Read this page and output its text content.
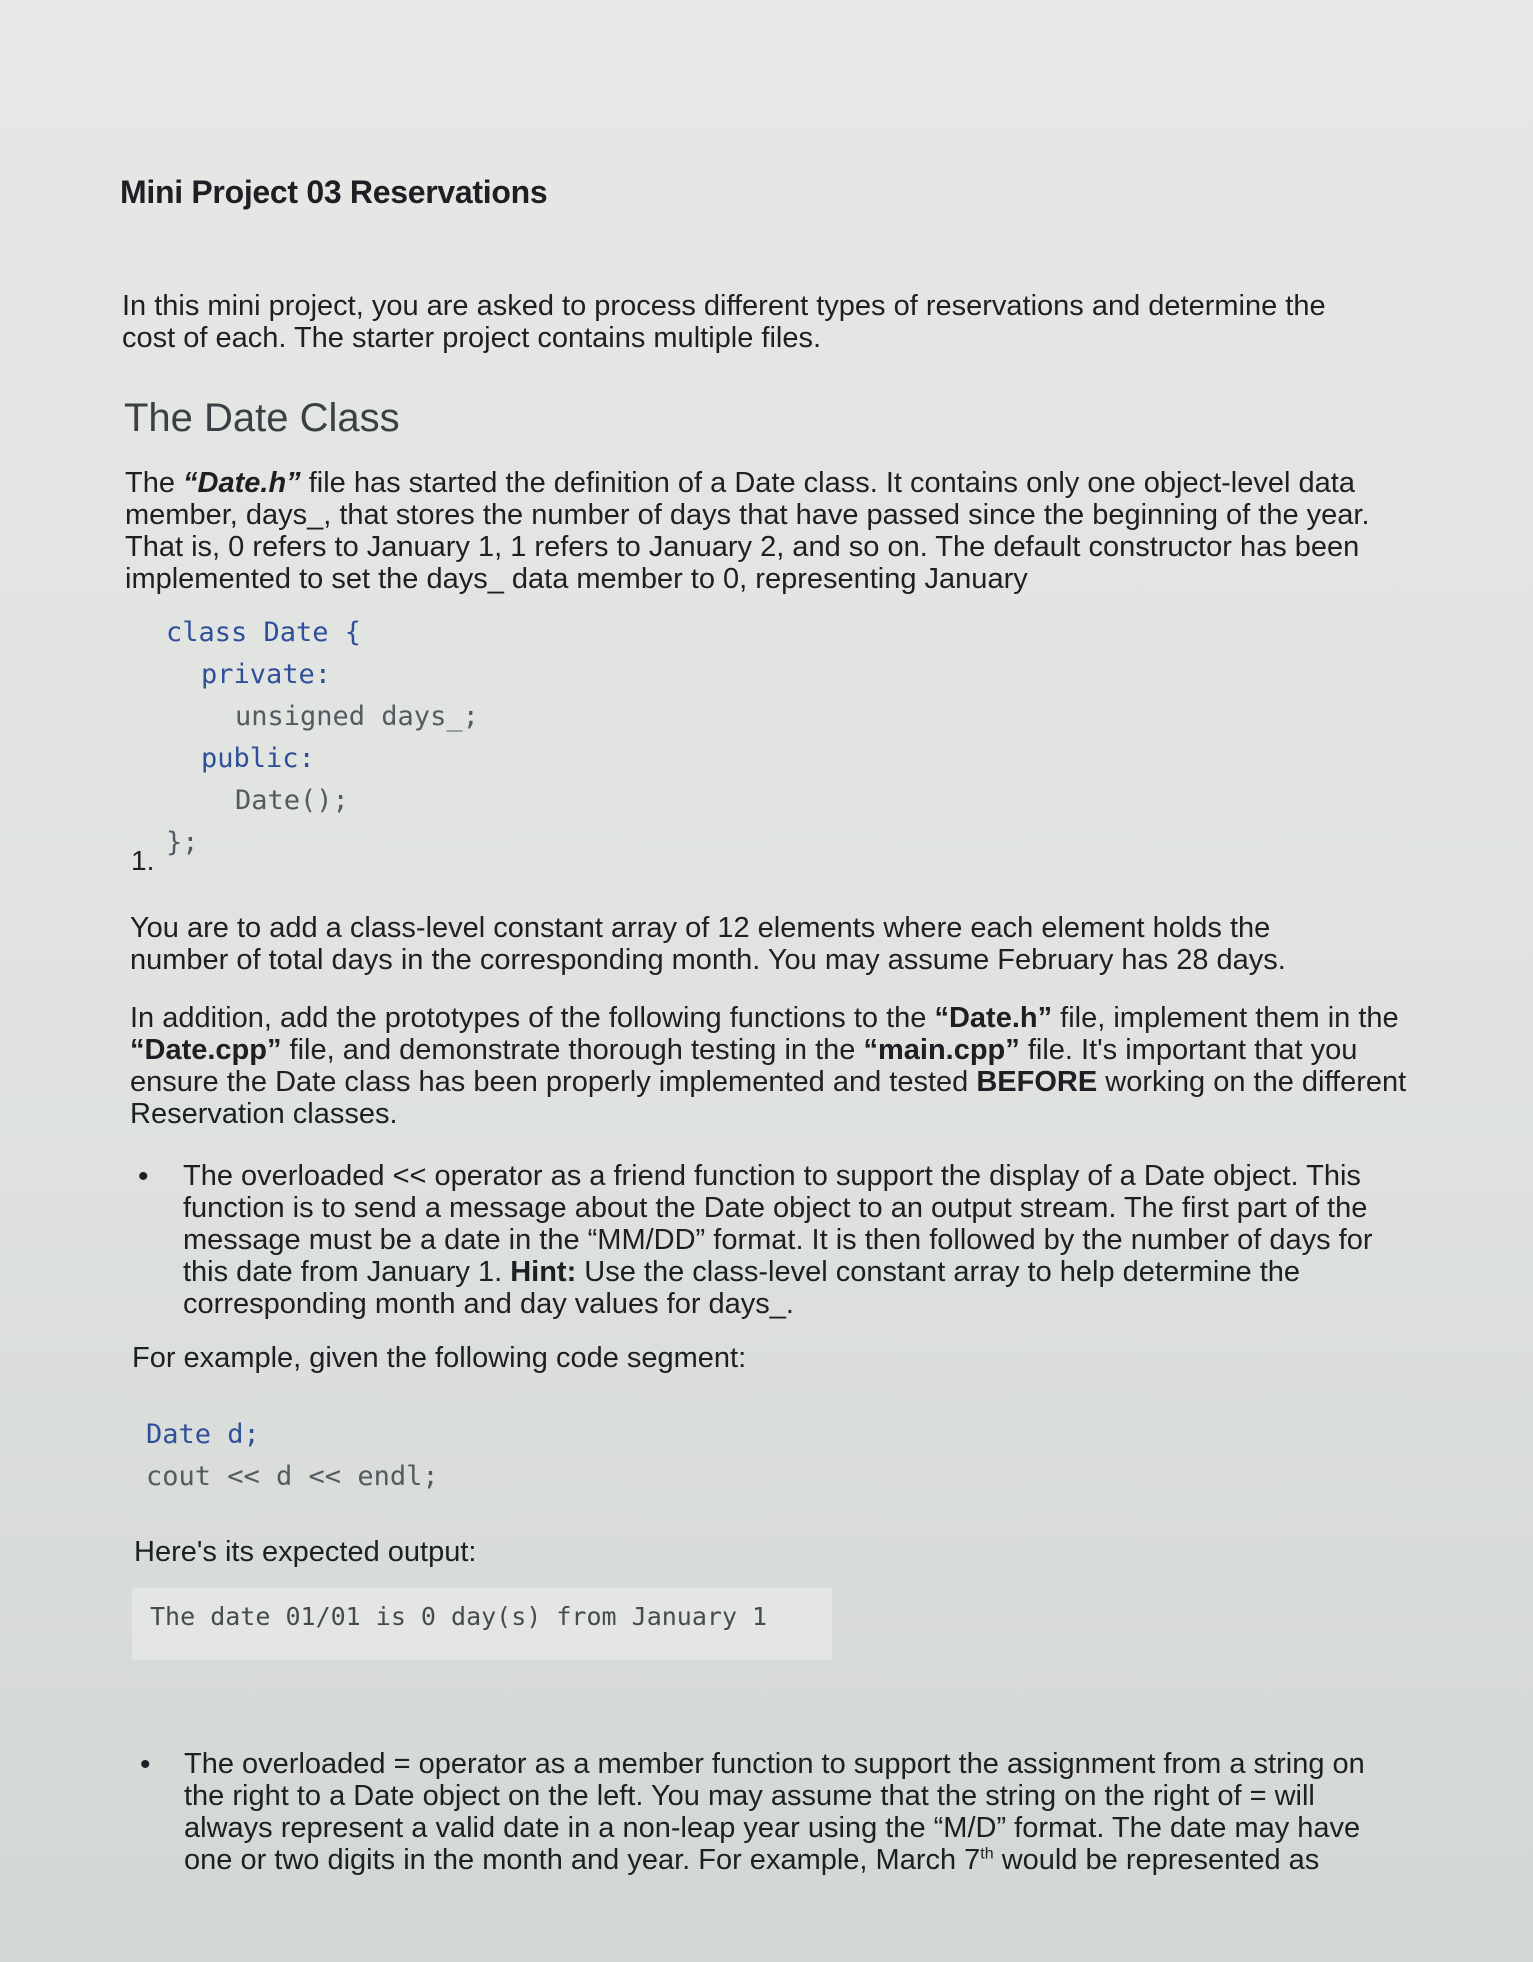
Mini Project 03 Reservations
In this mini project, you are asked to process different types of reservations and determine the cost of each. The starter project contains multiple files.
The Date Class
The “Date.h” file has started the definition of a Date class. It contains only one object-level data member, days_, that stores the number of days that have passed since the beginning of the year. That is, 0 refers to January 1, 1 refers to January 2, and so on. The default constructor has been implemented to set the days_ data member to 0, representing January
class Date {
private:
unsigned days_;
public:
Date();
};
1.
You are to add a class-level constant array of 12 elements where each element holds the number of total days in the corresponding month. You may assume February has 28 days.
In addition, add the prototypes of the following functions to the “Date.h” file, implement them in the “Date.cpp” file, and demonstrate thorough testing in the “main.cpp” file. It's important that you ensure the Date class has been properly implemented and tested BEFORE working on the different Reservation classes.
• The overloaded << operator as a friend function to support the display of a Date object. This function is to send a message about the Date object to an output stream. The first part of the message must be a date in the “MM/DD” format. It is then followed by the number of days for this date from January 1. Hint: Use the class-level constant array to help determine the corresponding month and day values for days_.
For example, given the following code segment:
Date d;
cout << d << endl;
Here's its expected output:
The date 01/01 is 0 day(s) from January 1
• The overloaded = operator as a member function to support the assignment from a string on the right to a Date object on the left. You may assume that the string on the right of = will always represent a valid date in a non-leap year using the “M/D” format. The date may have one or two digits in the month and year. For example, March 7th would be represented as
